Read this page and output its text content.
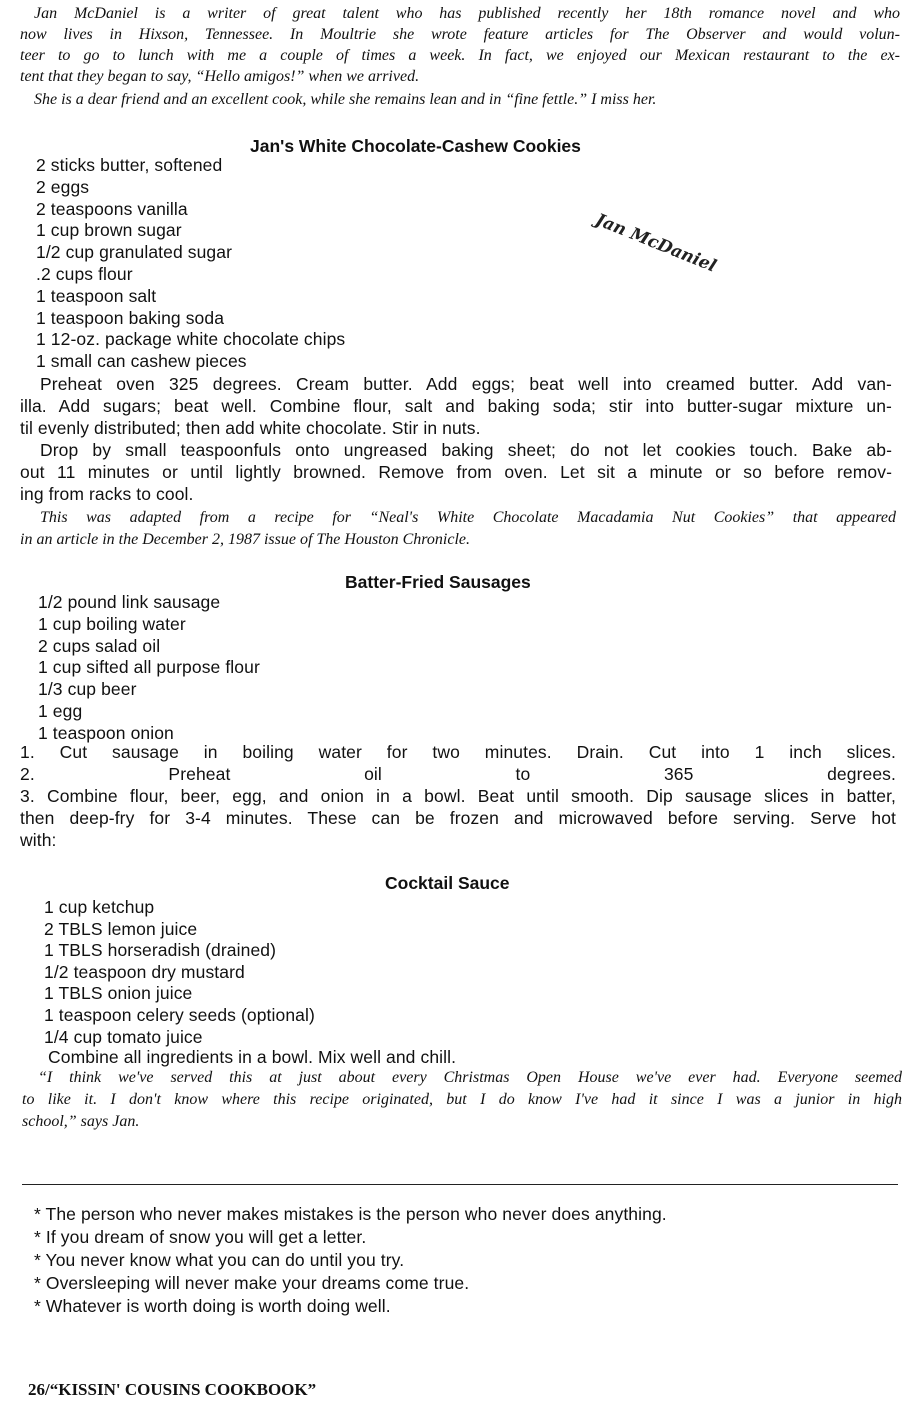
Jan McDaniel is a writer of great talent who has published recently her 18th romance novel and who
now lives in Hixson, Tennessee. In Moultrie she wrote feature articles for The Observer and would volun-
teer to go to lunch with me a couple of times a week. In fact, we enjoyed our Mexican restaurant to the ex-
tent that they began to say, “Hello amigos!” when we arrived.
She is a dear friend and an excellent cook, while she remains lean and in “fine fettle.” I miss her.
Jan's White Chocolate-Cashew Cookies
Jan McDaniel
2 sticks butter, softened
2 eggs
2 teaspoons vanilla
1 cup brown sugar
1/2 cup granulated sugar
.2 cups flour
1 teaspoon salt
1 teaspoon baking soda
1 12-oz. package white chocolate chips
1 small can cashew pieces
Preheat oven 325 degrees. Cream butter. Add eggs; beat well into creamed butter. Add van-
illa. Add sugars; beat well. Combine flour, salt and baking soda; stir into butter-sugar mixture un-
til evenly distributed; then add white chocolate. Stir in nuts.
Drop by small teaspoonfuls onto ungreased baking sheet; do not let cookies touch. Bake ab-
out 11 minutes or until lightly browned. Remove from oven. Let sit a minute or so before remov-
ing from racks to cool.
This was adapted from a recipe for “Neal's White Chocolate Macadamia Nut Cookies” that appeared
in an article in the December 2, 1987 issue of The Houston Chronicle.
Batter-Fried Sausages
1/2 pound link sausage
1 cup boiling water
2 cups salad oil
1 cup sifted all purpose flour
1/3 cup beer
1 egg
1 teaspoon onion
1. Cut sausage in boiling water for two minutes. Drain. Cut into 1 inch slices.
2. Preheat oil to 365 degrees.
3. Combine flour, beer, egg, and onion in a bowl. Beat until smooth. Dip sausage slices in batter,
then deep-fry for 3-4 minutes. These can be frozen and microwaved before serving. Serve hot
with:
Cocktail Sauce
1 cup ketchup
2 TBLS lemon juice
1 TBLS horseradish (drained)
1/2 teaspoon dry mustard
1 TBLS onion juice
1 teaspoon celery seeds (optional)
1/4 cup tomato juice
Combine all ingredients in a bowl. Mix well and chill.
“I think we've served this at just about every Christmas Open House we've ever had. Everyone seemed
to like it. I don't know where this recipe originated, but I do know I've had it since I was a junior in high
school,” says Jan.
* The person who never makes mistakes is the person who never does anything.
* If you dream of snow you will get a letter.
* You never know what you can do until you try.
* Oversleeping will never make your dreams come true.
* Whatever is worth doing is worth doing well.
26/“KISSIN' COUSINS COOKBOOK”
